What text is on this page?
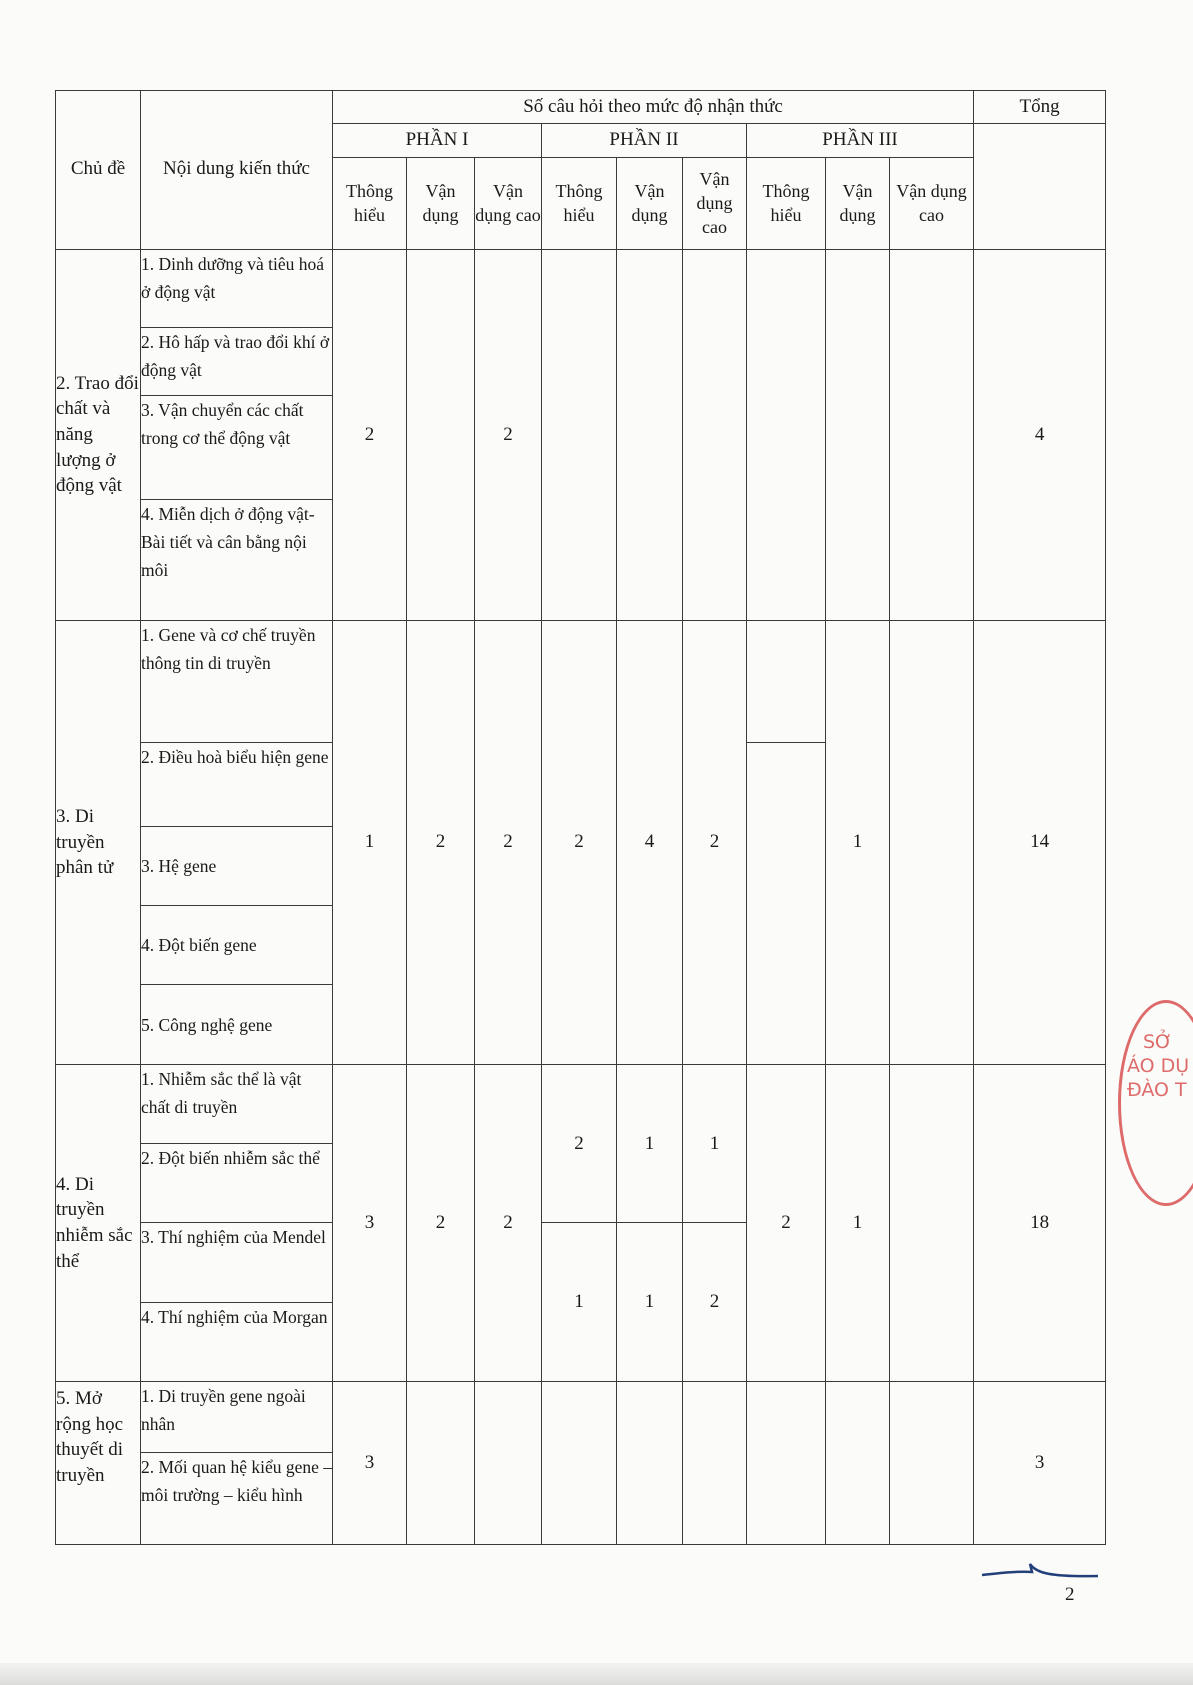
Chủ đề	Nội dung kiến thức	Số câu hỏi theo mức độ nhận thức									Tổng
		PHẦN I			PHẦN II			PHẦN III			
		Thông hiểu	Vận dụng	Vận dụng cao	Thông hiểu	Vận dụng	Vận dụng cao	Thông hiểu	Vận dụng	Vận dụng cao	
2. Trao đổi chất và năng lượng ở động vật	1. Dinh dưỡng và tiêu hoá ở động vật	2		2							4
	2. Hô hấp và trao đổi khí ở động vật										
	3. Vận chuyển các chất trong cơ thể động vật										
	4. Miễn dịch ở động vật- Bài tiết và cân bằng nội môi										
3. Di truyền phân tử	1. Gene và cơ chế truyền thông tin di truyền	1	2	2	2	4	2		1		14
	2. Điều hoà biểu hiện gene										
	3. Hệ gene										
	4. Đột biến gene										
	5. Công nghệ gene										
4. Di truyền nhiễm sắc thể	1. Nhiễm sắc thể là vật chất di truyền	3	2	2	2	1	1	2	1		18
	2. Đột biến nhiễm sắc thể										
	3. Thí nghiệm của Mendel				1	1	2				
	4. Thí nghiệm của Morgan										
5. Mở rộng học thuyết di truyền	1. Di truyền gene ngoài nhân	3									3
	2. Mối quan hệ kiểu gene –môi trường – kiểu hình										
SỞ
ÁO DỤ
ĐÀO T
2
